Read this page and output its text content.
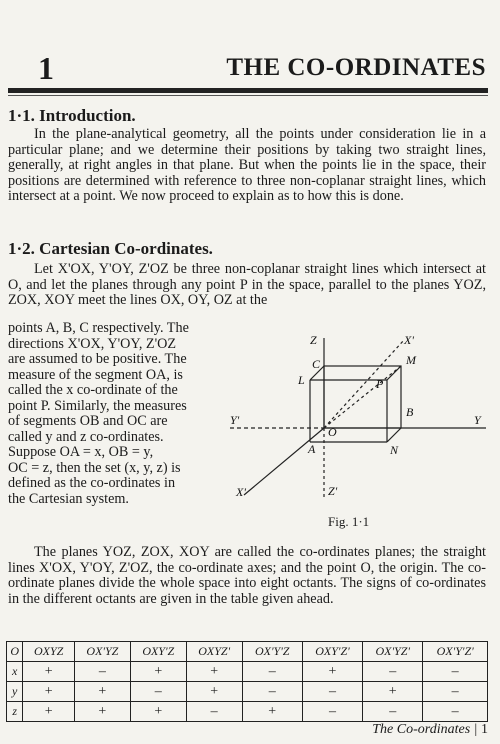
1	THE CO-ORDINATES
1·1. Introduction.

In the plane-analytical geometry, all the points under consideration lie in a particular plane; and we determine their positions by taking two straight lines, generally, at right angles in that plane. But when the points lie in the space, their positions are determined with reference to three non-coplanar straight lines, which intersect at a point. We now proceed to explain as to how this is done.

1·2. Cartesian Co-ordinates.

Let X'OX, Y'OY, Z'OZ be three non-coplanar straight lines which intersect at O, and let the planes through any point P in the space, parallel to the planes YOZ, ZOX, XOY meet the lines OX, OY, OZ at the

points A, B, C respectively. The

directions X'OX, Y'OY, Z'OZ

are assumed to be positive. The

measure of the segment OA, is

called the x co-ordinate of the

point P. Similarly, the measures

of segments OB and OC are

called y and z co-ordinates.

Suppose OA = x, OB = y,

OC = z, then the set (x, y, z) is

defined as the co-ordinates in

the Cartesian system.

Z
Z'
X'
X'
Y
Y'
O
A
B
C
L
M
N
P
Fig. 1·1

The planes YOZ, ZOX, XOY are called the co-ordinates planes; the straight lines X'OX, Y'OY, Z'OZ, the co-ordinate axes; and the point O, the origin. The co-ordinate planes divide the whole space into eight octants. The signs of co-ordinates in the different octants are given in the table given ahead.

O	OXYZ	OX'YZ	OXY'Z	OXYZ'	OX'Y'Z	OXY'Z'	OX'YZ'	OX'Y'Z'
x	+	–	+	+	–	+	–	–
y	+	+	–	+	–	–	+	–
z	+	+	+	–	+	–	–	–
The Co-ordinates | 1
